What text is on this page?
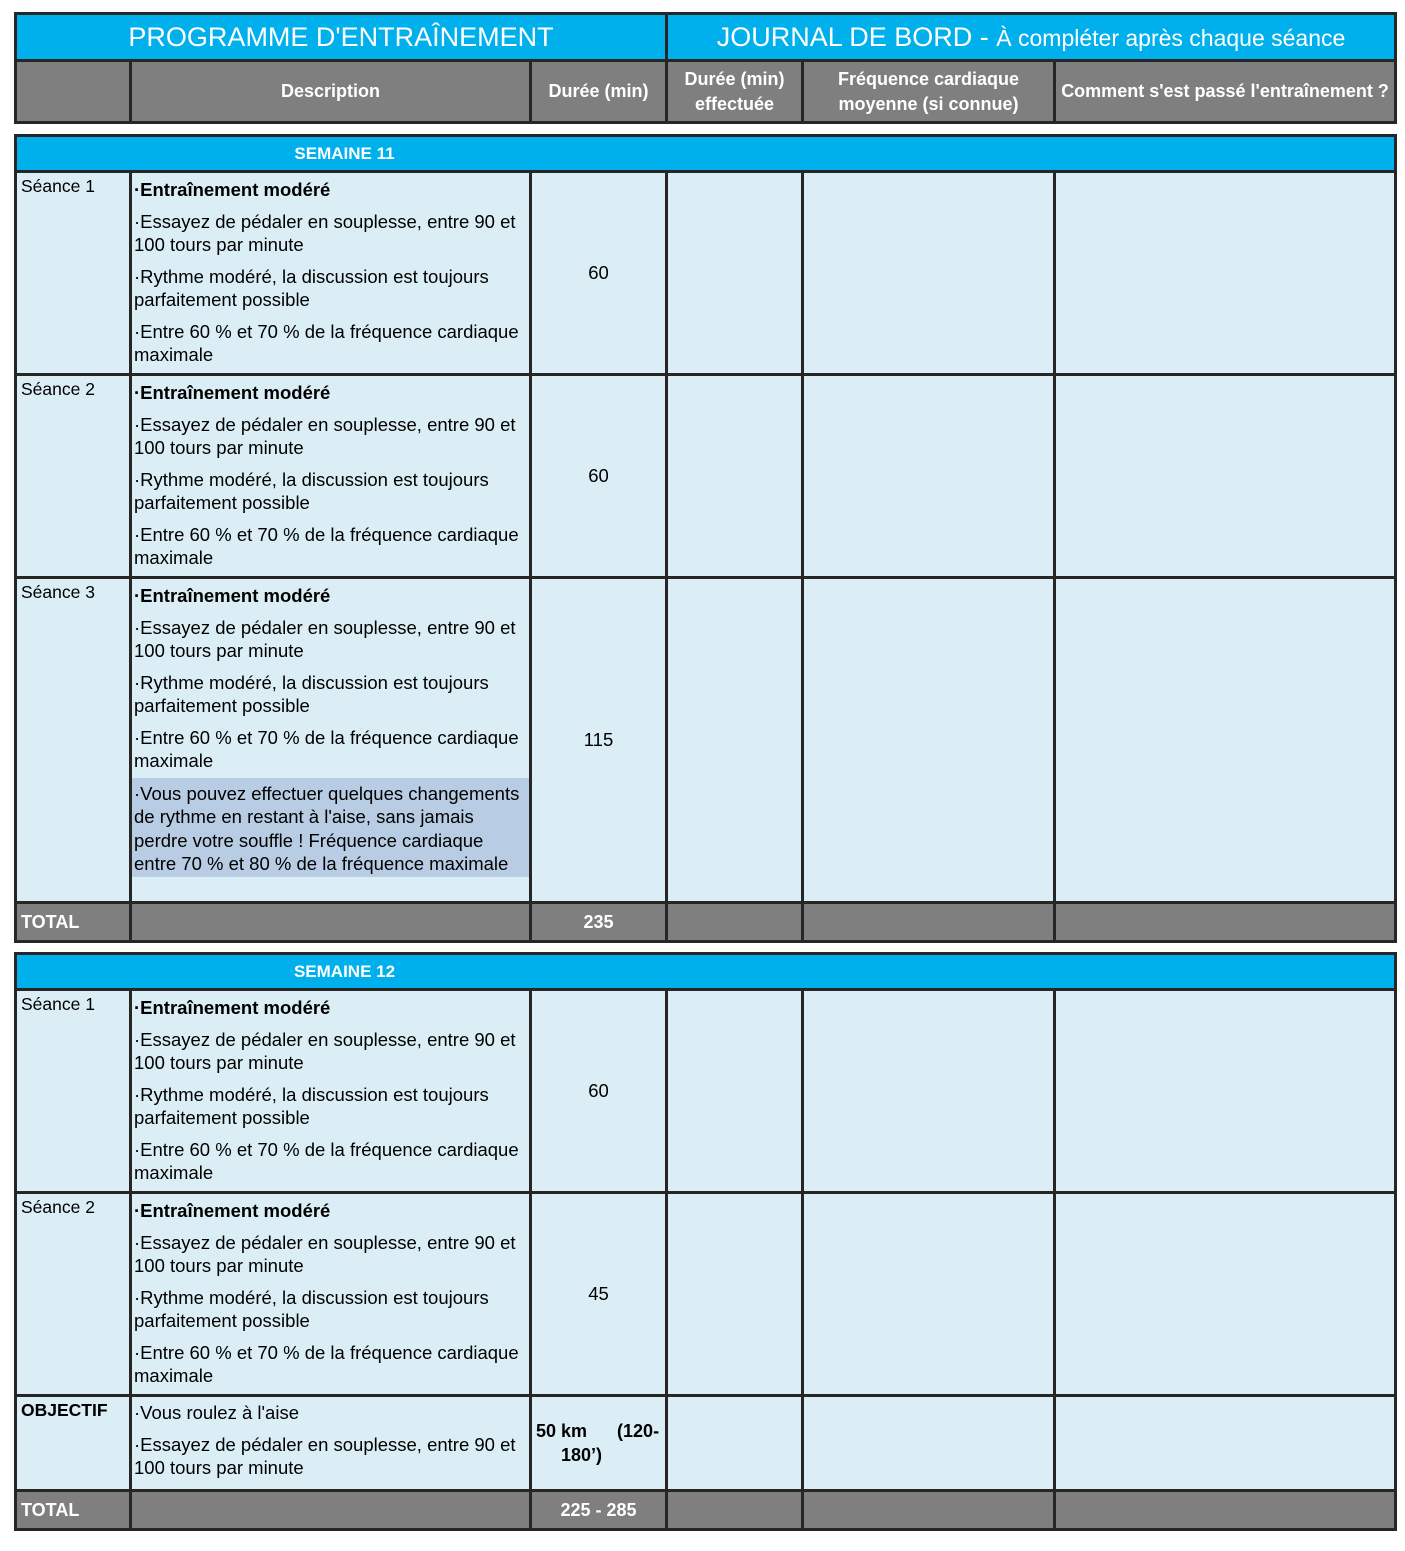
PROGRAMME D'ENTRAÎNEMENT			JOURNAL DE BORD - À compléter après chaque séance		
	Description	Durée (min)	Durée (min) effectuée	Fréquence cardiaque moyenne (si connue)	Comment s'est passé l'entraînement ?
SEMAINE 11					

Séance 1	·Entraînement modéré
·Essayez de pédaler en souplesse, entre 90 et 100 tours par minute
·Rythme modéré, la discussion est toujours parfaitement possible
·Entre 60 % et 70 % de la fréquence cardiaque maximale	60			
Séance 2	·Entraînement modéré
·Essayez de pédaler en souplesse, entre 90 et 100 tours par minute
·Rythme modéré, la discussion est toujours parfaitement possible
·Entre 60 % et 70 % de la fréquence cardiaque maximale	60			
Séance 3	·Entraînement modéré
·Essayez de pédaler en souplesse, entre 90 et 100 tours par minute
·Rythme modéré, la discussion est toujours parfaitement possible
·Entre 60 % et 70 % de la fréquence cardiaque maximale
·Vous pouvez effectuer quelques changements de rythme en restant à l'aise, sans jamais perdre votre souffle ! Fréquence cardiaque entre 70 % et 80 % de la fréquence maximale	115			
TOTAL		235			
SEMAINE 12					

Séance 1	·Entraînement modéré
·Essayez de pédaler en souplesse, entre 90 et 100 tours par minute
·Rythme modéré, la discussion est toujours parfaitement possible
·Entre 60 % et 70 % de la fréquence cardiaque maximale	60			
Séance 2	·Entraînement modéré
·Essayez de pédaler en souplesse, entre 90 et 100 tours par minute
·Rythme modéré, la discussion est toujours parfaitement possible
·Entre 60 % et 70 % de la fréquence cardiaque maximale	45			
OBJECTIF	·Vous roulez à l'aise
·Essayez de pédaler en souplesse, entre 90 et 100 tours par minute	50 km      (120-
180’)			
TOTAL		225 - 285			
